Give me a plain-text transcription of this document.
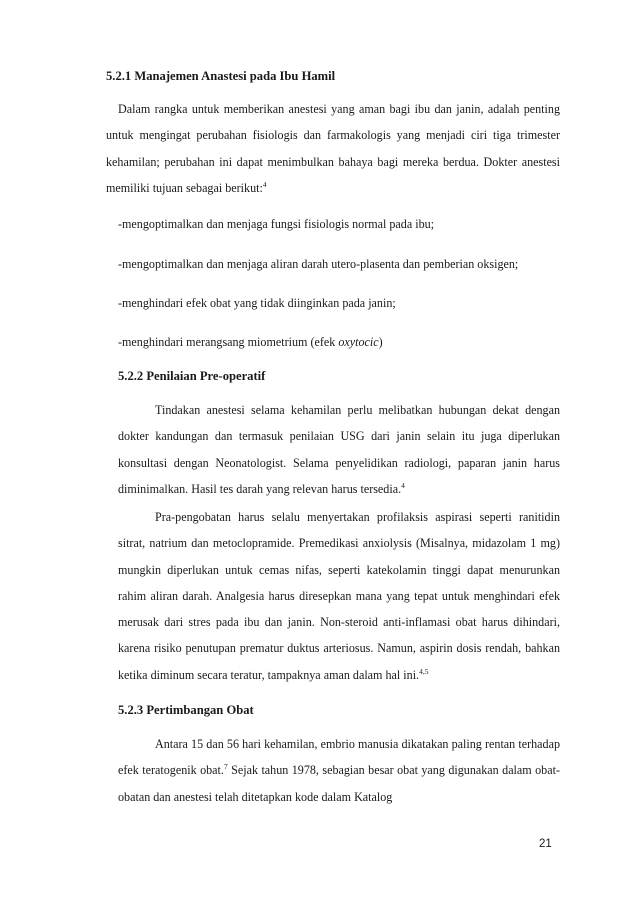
5.2.1 Manajemen Anastesi pada Ibu Hamil
Dalam rangka untuk memberikan anestesi yang aman bagi ibu dan janin, adalah penting untuk mengingat perubahan fisiologis dan farmakologis yang menjadi ciri tiga trimester kehamilan; perubahan ini dapat menimbulkan bahaya bagi mereka berdua. Dokter anestesi memiliki tujuan sebagai berikut:$^4$
-mengoptimalkan dan menjaga fungsi fisiologis normal pada ibu;
-mengoptimalkan dan menjaga aliran darah utero-plasenta dan pemberian oksigen;
-menghindari efek obat yang tidak diinginkan pada janin;
-menghindari merangsang miometrium (efek oxytocic)
5.2.2 Penilaian Pre-operatif
Tindakan anestesi selama kehamilan perlu melibatkan hubungan dekat dengan dokter kandungan dan termasuk penilaian USG dari janin selain itu juga diperlukan konsultasi dengan Neonatologist. Selama penyelidikan radiologi, paparan janin harus diminimalkan. Hasil tes darah yang relevan harus tersedia.$^4$
Pra-pengobatan harus selalu menyertakan profilaksis aspirasi seperti ranitidin sitrat, natrium dan metoclopramide. Premedikasi anxiolysis (Misalnya, midazolam 1 mg) mungkin diperlukan untuk cemas nifas, seperti katekolamin tinggi dapat menurunkan rahim aliran darah. Analgesia harus diresepkan mana yang tepat untuk menghindari efek merusak dari stres pada ibu dan janin. Non-steroid anti-inflamasi obat harus dihindari, karena risiko penutupan prematur duktus arteriosus. Namun, aspirin dosis rendah, bahkan ketika diminum secara teratur, tampaknya aman dalam hal ini.$^{4,5}$
5.2.3 Pertimbangan Obat
Antara 15 dan 56 hari kehamilan, embrio manusia dikatakan paling rentan terhadap efek teratogenik obat.$^7$ Sejak tahun 1978, sebagian besar obat yang digunakan dalam obat-obatan dan anestesi telah ditetapkan kode dalam Katalog
21
